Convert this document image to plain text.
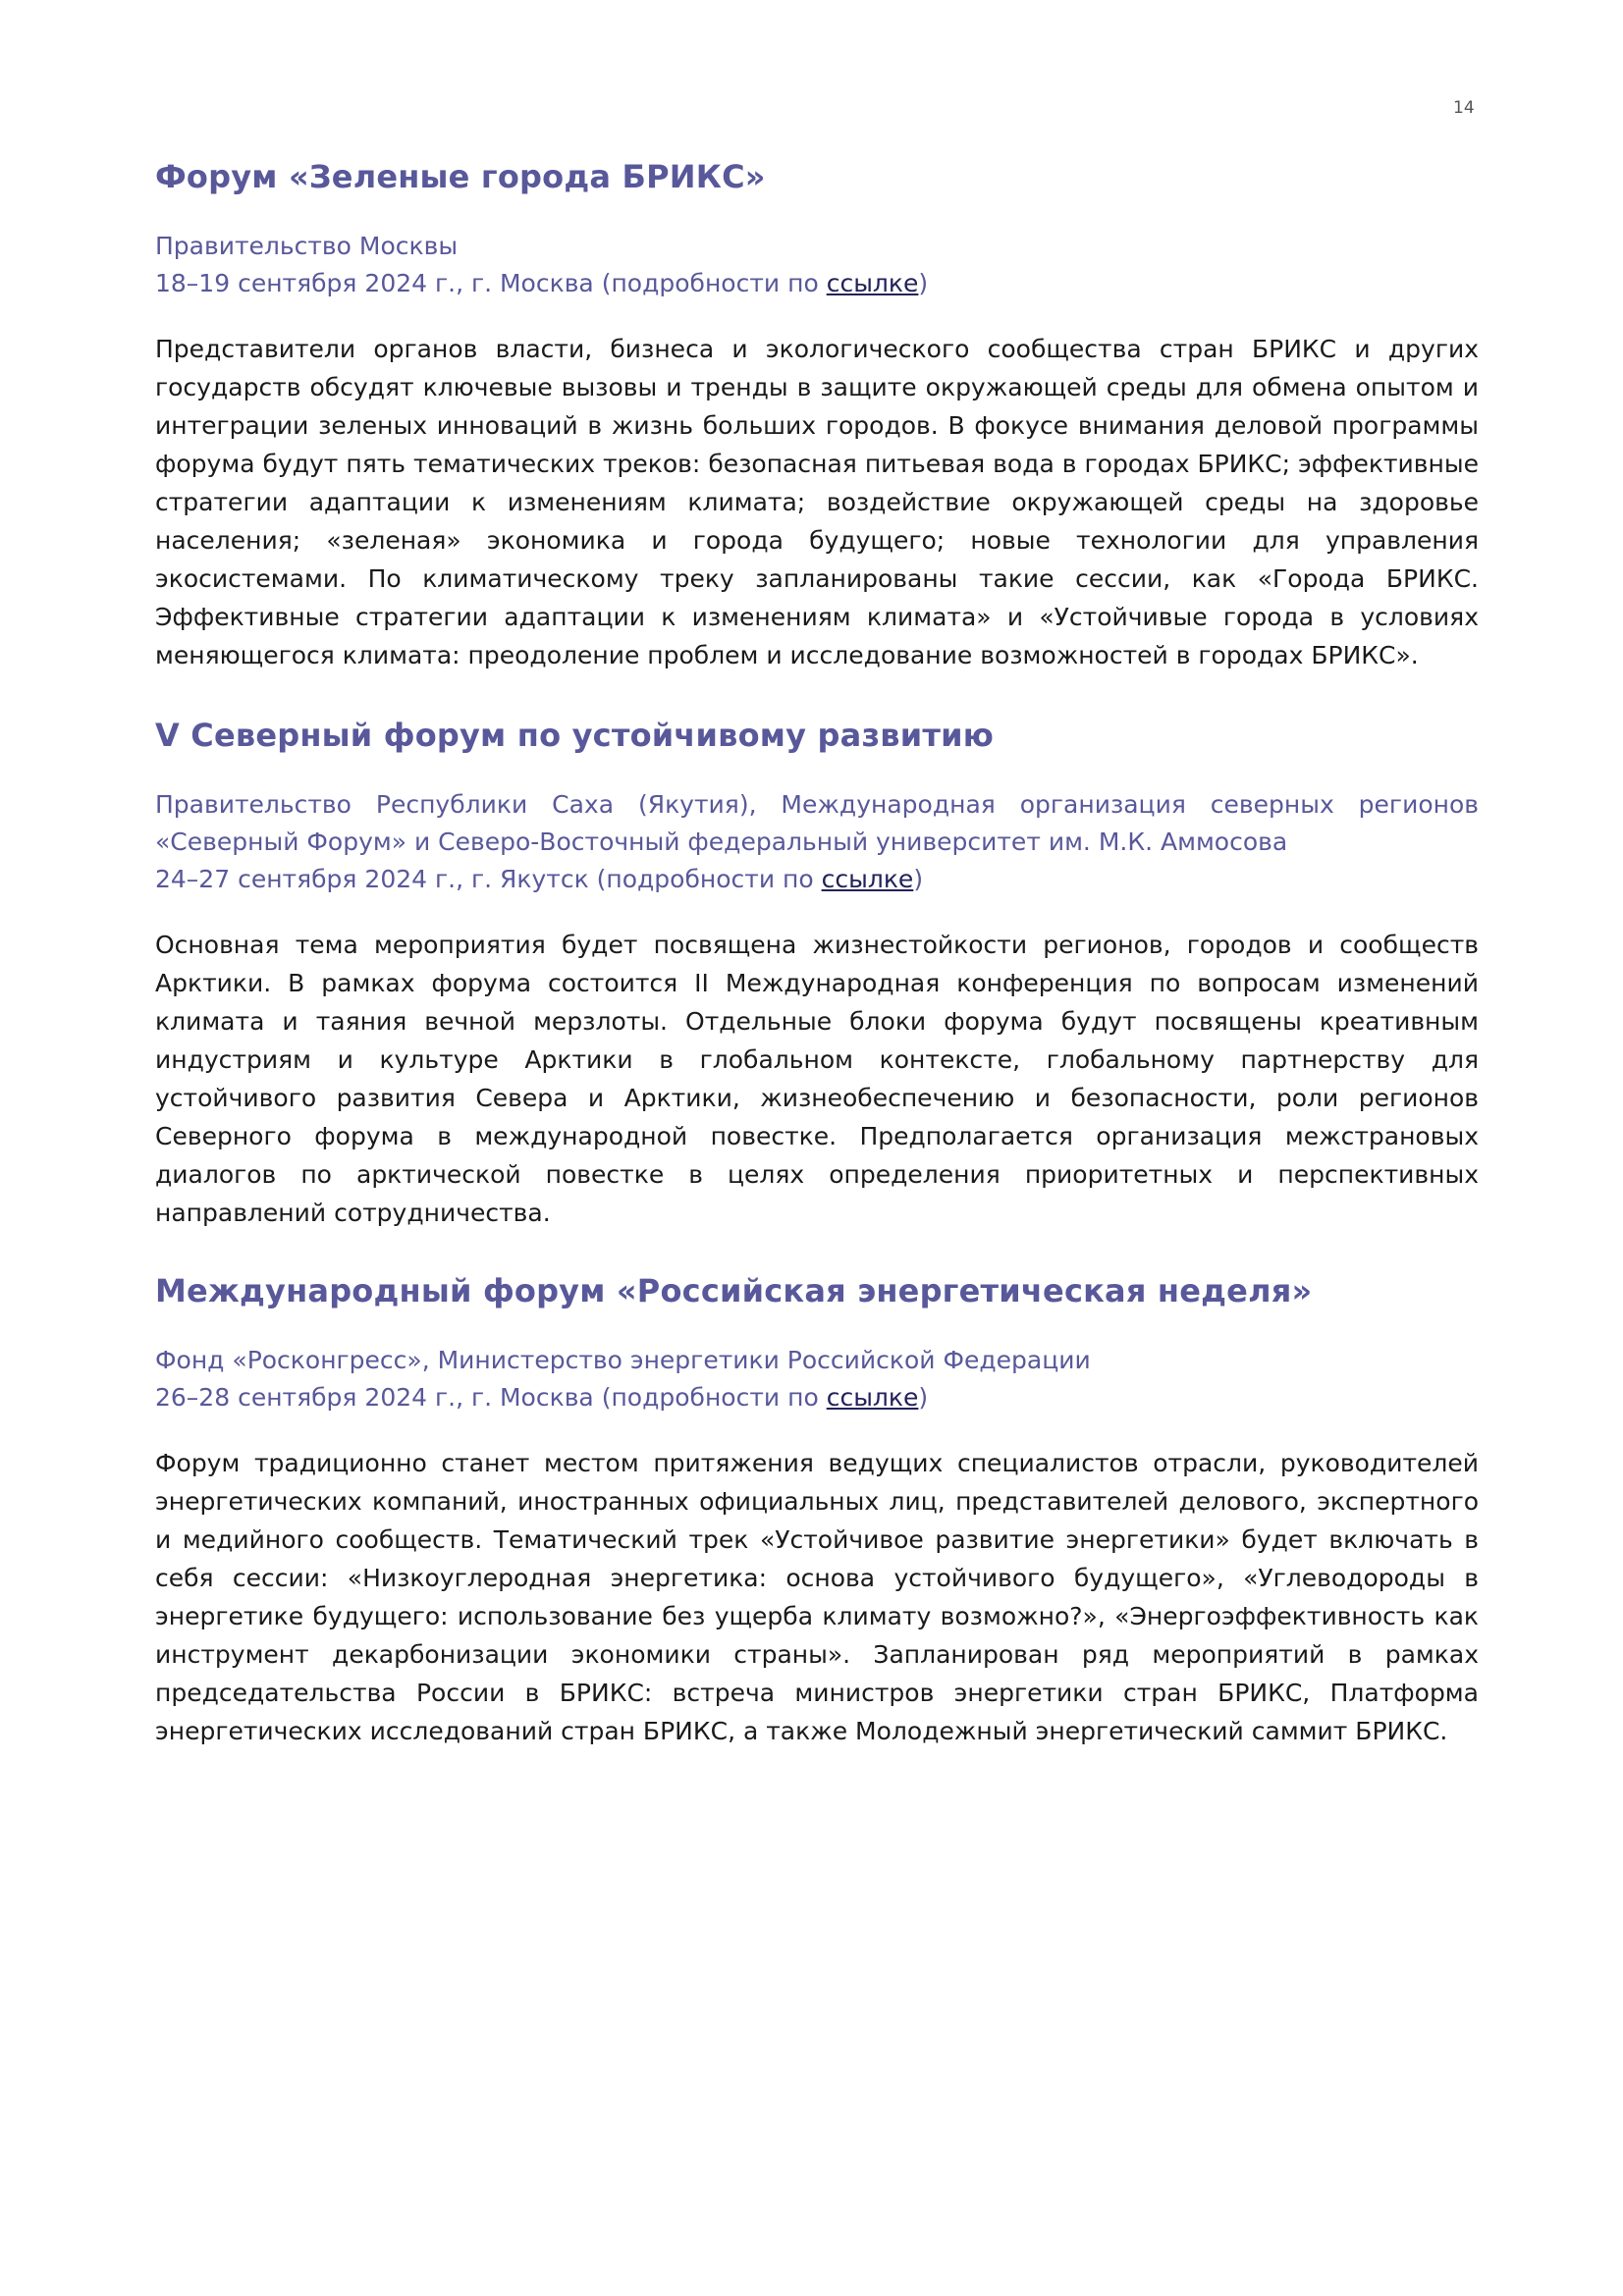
14
Форум «Зеленые города БРИКС»

Правительство Москвы

18–19 сентября 2024 г., г. Москва (подробности по ссылке)

Представители органов власти, бизнеса и экологического сообщества стран БРИКС и других государств обсудят ключевые вызовы и тренды в защите окружающей среды для обмена опытом и интеграции зеленых инноваций в жизнь больших городов. В фокусе внимания деловой программы форума будут пять тематических треков: безопасная питьевая вода в городах БРИКС; эффективные стратегии адаптации к изменениям климата; воздействие окружающей среды на здоровье населения; «зеленая» экономика и города будущего; новые технологии для управления экосистемами. По климатическому треку запланированы такие сессии, как «Города БРИКС. Эффективные стратегии адаптации к изменениям климата» и «Устойчивые города в условиях меняющегося климата: преодоление проблем и исследование возможностей в городах БРИКС».

V Северный форум по устойчивому развитию

Правительство Республики Саха (Якутия), Международная организация северных регионов «Северный Форум» и Северо-Восточный федеральный университет им. М.К. Аммосова

24–27 сентября 2024 г., г. Якутск (подробности по ссылке)

Основная тема мероприятия будет посвящена жизнестойкости регионов, городов и сообществ Арктики. В рамках форума состоится II Международная конференция по вопросам изменений климата и таяния вечной мерзлоты. Отдельные блоки форума будут посвящены креативным индустриям и культуре Арктики в глобальном контексте, глобальному партнерству для устойчивого развития Севера и Арктики, жизнеобеспечению и безопасности, роли регионов Северного форума в международной повестке. Предполагается организация межстрановых диалогов по арктической повестке в целях определения приоритетных и перспективных направлений сотрудничества.

Международный форум «Российская энергетическая неделя»

Фонд «Росконгресс», Министерство энергетики Российской Федерации

26–28 сентября 2024 г., г. Москва (подробности по ссылке)

Форум традиционно станет местом притяжения ведущих специалистов отрасли, руководителей энергетических компаний, иностранных официальных лиц, представителей делового, экспертного и медийного сообществ. Тематический трек «Устойчивое развитие энергетики» будет включать в себя сессии: «Низкоуглеродная энергетика: основа устойчивого будущего», «Углеводороды в энергетике будущего: использование без ущерба климату возможно?», «Энергоэффективность как инструмент декарбонизации экономики страны». Запланирован ряд мероприятий в рамках председательства России в БРИКС: встреча министров энергетики стран БРИКС, Платформа энергетических исследований стран БРИКС, а также Молодежный энергетический саммит БРИКС.
